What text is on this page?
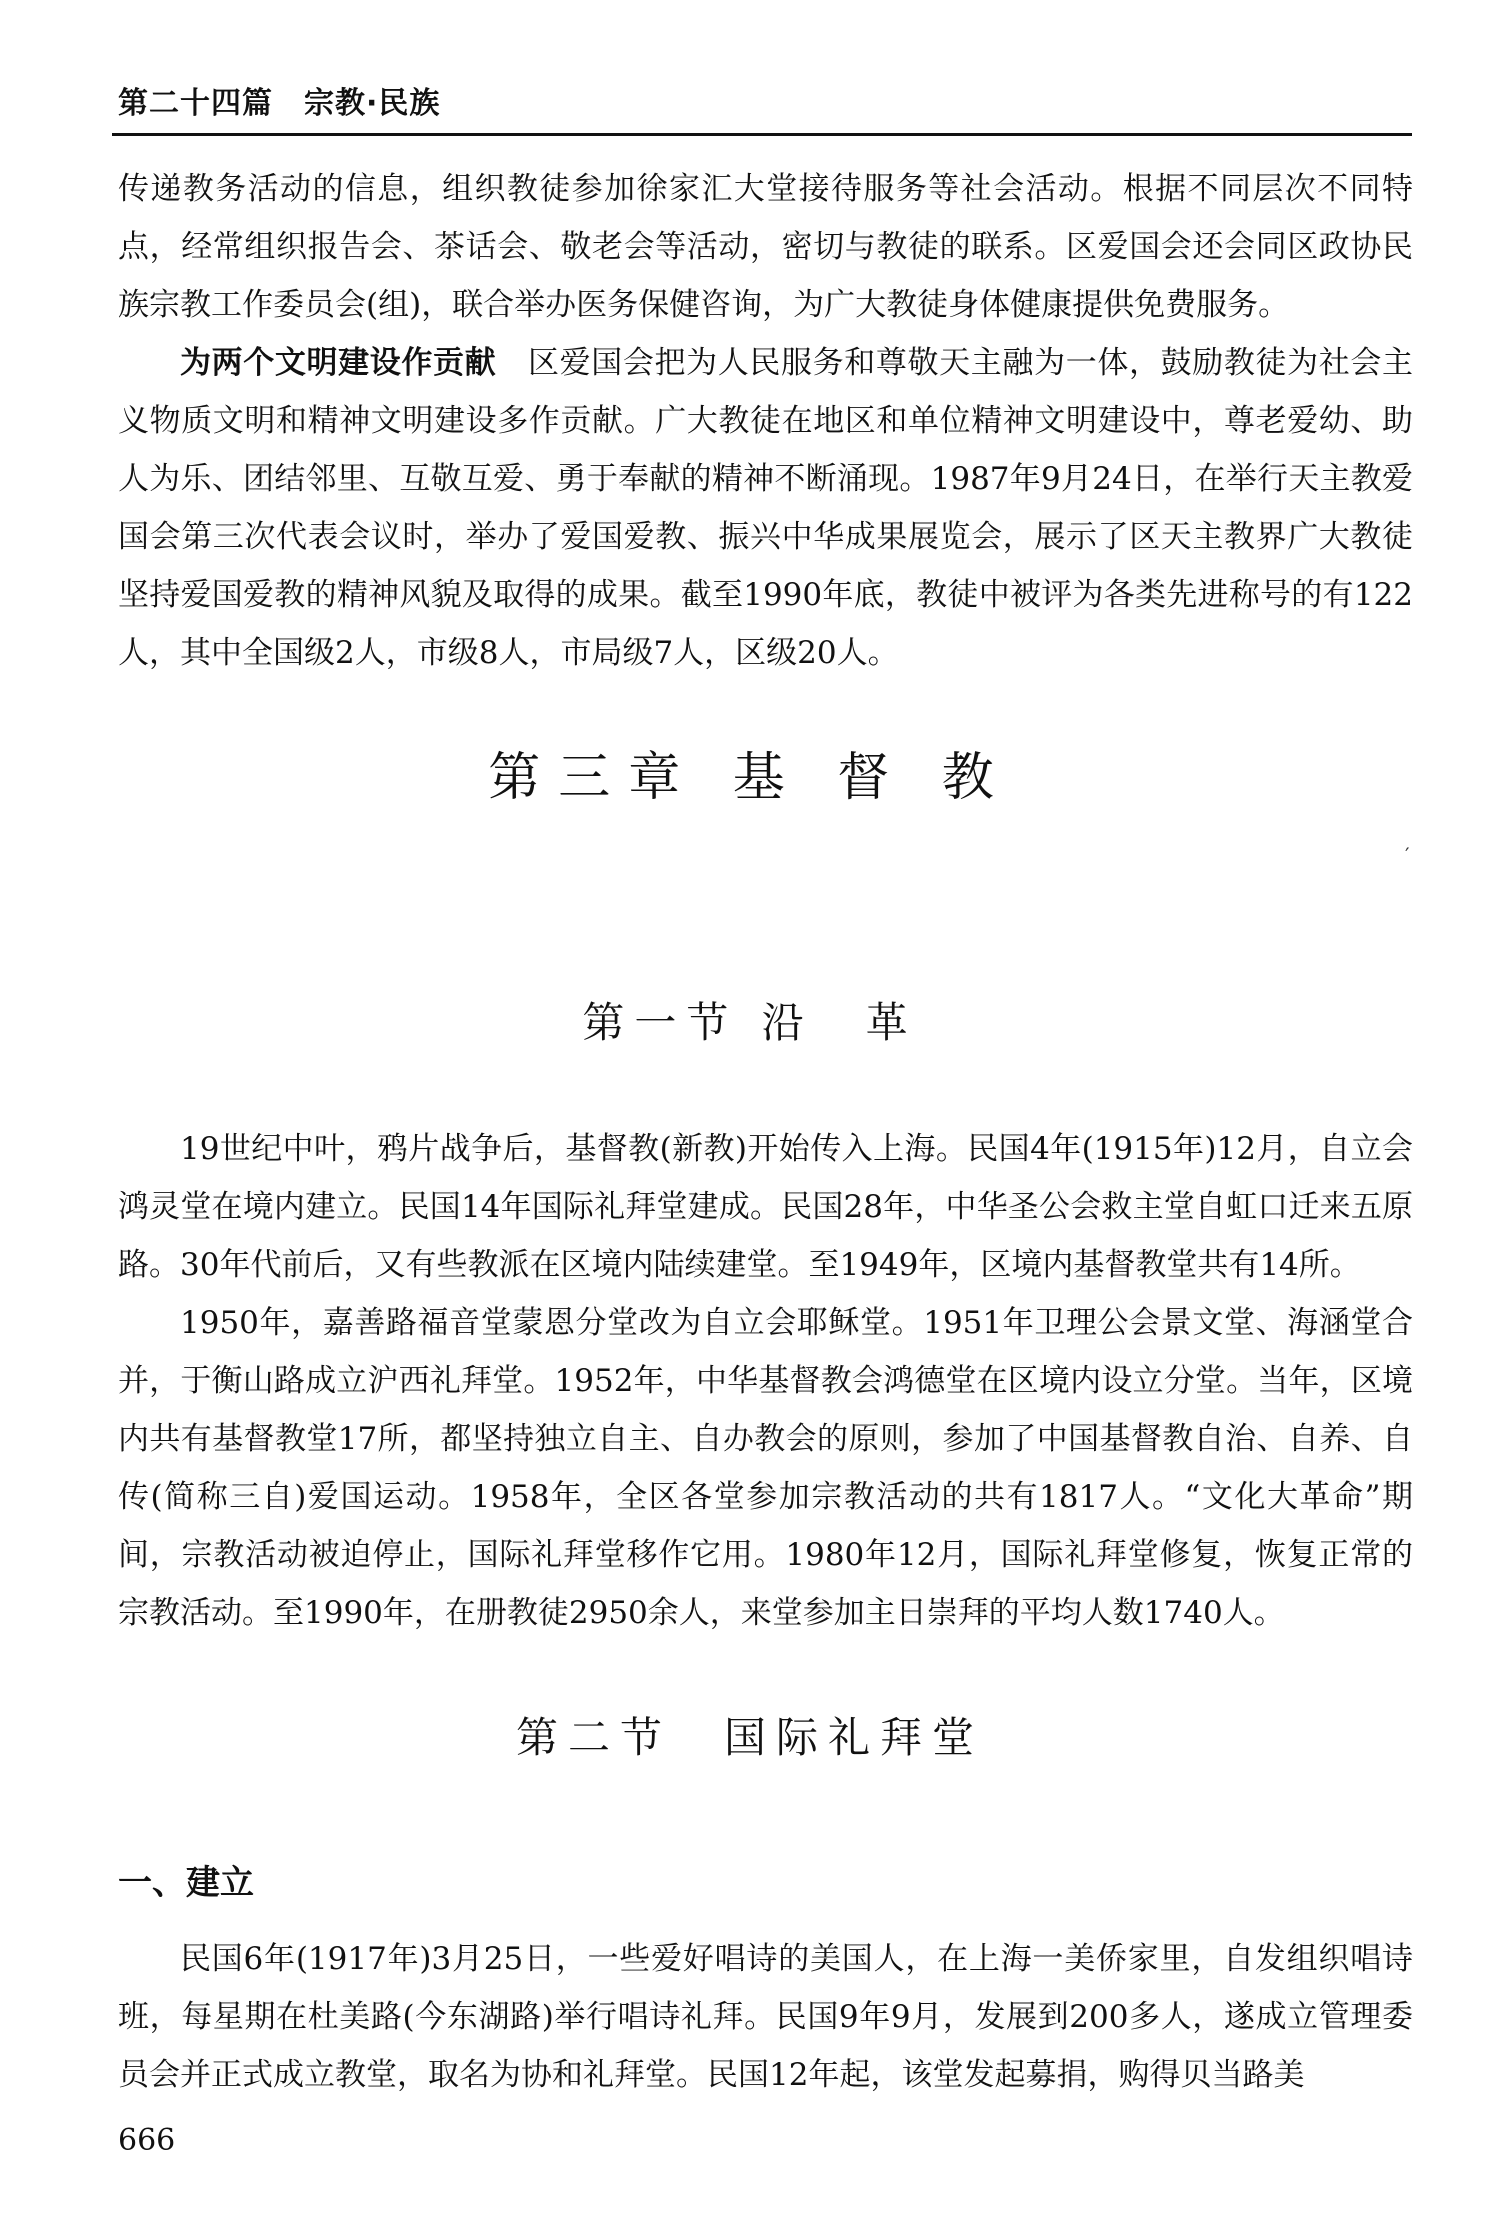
第二十四篇　宗教·民族

传递教务活动的信息，组织教徒参加徐家汇大堂接待服务等社会活动。根据不同层次不同特点，经常组织报告会、茶话会、敬老会等活动，密切与教徒的联系。区爱国会还会同区政协民族宗教工作委员会(组)，联合举办医务保健咨询，为广大教徒身体健康提供免费服务。

为两个文明建设作贡献　区爱国会把为人民服务和尊敬天主融为一体，鼓励教徒为社会主义物质文明和精神文明建设多作贡献。广大教徒在地区和单位精神文明建设中，尊老爱幼、助人为乐、团结邻里、互敬互爱、勇于奉献的精神不断涌现。1987年9月24日，在举行天主教爱国会第三次代表会议时，举办了爱国爱教、振兴中华成果展览会，展示了区天主教界广大教徒坚持爱国爱教的精神风貌及取得的成果。截至1990年底，教徒中被评为各类先进称号的有122人，其中全国级2人，市级8人，市局级7人，区级20人。

第三章 基 督 教
′
第一节 沿　革

19世纪中叶，鸦片战争后，基督教(新教)开始传入上海。民国4年(1915年)12月，自立会鸿灵堂在境内建立。民国14年国际礼拜堂建成。民国28年，中华圣公会救主堂自虹口迁来五原路。30年代前后，又有些教派在区境内陆续建堂。至1949年，区境内基督教堂共有14所。

1950年，嘉善路福音堂蒙恩分堂改为自立会耶稣堂。1951年卫理公会景文堂、海涵堂合并，于衡山路成立沪西礼拜堂。1952年，中华基督教会鸿德堂在区境内设立分堂。当年，区境内共有基督教堂17所，都坚持独立自主、自办教会的原则，参加了中国基督教自治、自养、自传(简称三自)爱国运动。1958年，全区各堂参加宗教活动的共有1817人。“文化大革命”期间，宗教活动被迫停止，国际礼拜堂移作它用。1980年12月，国际礼拜堂修复，恢复正常的宗教活动。至1990年，在册教徒2950余人，来堂参加主日崇拜的平均人数1740人。

第二节　国际礼拜堂
一、建立

民国6年(1917年)3月25日，一些爱好唱诗的美国人，在上海一美侨家里，自发组织唱诗班，每星期在杜美路(今东湖路)举行唱诗礼拜。民国9年9月，发展到200多人，遂成立管理委员会并正式成立教堂，取名为协和礼拜堂。民国12年起，该堂发起募捐，购得贝当路美

666
